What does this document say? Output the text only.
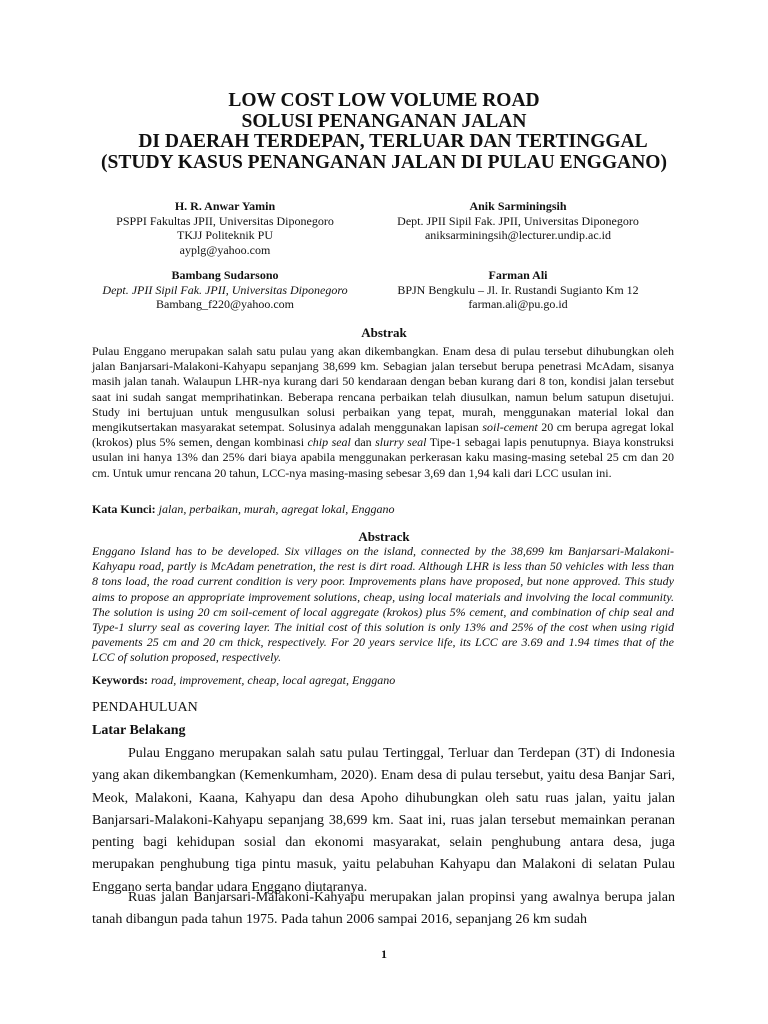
LOW COST LOW VOLUME ROAD
SOLUSI PENANGANAN JALAN
DI DAERAH TERDEPAN, TERLUAR DAN TERTINGGAL
(STUDY KASUS PENANGANAN JALAN DI PULAU ENGGANO)
H. R. Anwar Yamin
PSPPI Fakultas JPII, Universitas Diponegoro
TKJJ Politeknik PU
ayplg@yahoo.com
Anik Sarminingsih
Dept. JPII Sipil Fak. JPII, Universitas Diponegoro
aniksarminingsih@lecturer.undip.ac.id
Bambang Sudarsono
Dept. JPII Sipil Fak. JPII, Universitas Diponegoro
Bambang_f220@yahoo.com
Farman Ali
BPJN Bengkulu – Jl. Ir. Rustandi Sugianto Km 12
farman.ali@pu.go.id
Abstrak
Pulau Enggano merupakan salah satu pulau yang akan dikembangkan. Enam desa di pulau tersebut dihubungkan oleh jalan Banjarsari-Malakoni-Kahyapu sepanjang 38,699 km. Sebagian jalan tersebut berupa penetrasi McAdam, sisanya masih jalan tanah. Walaupun LHR-nya kurang dari 50 kendaraan dengan beban kurang dari 8 ton, kondisi jalan tersebut saat ini sudah sangat memprihatinkan. Beberapa rencana perbaikan telah diusulkan, namun belum satupun disetujui. Study ini bertujuan untuk mengusulkan solusi perbaikan yang tepat, murah, menggunakan material lokal dan mengikutsertakan masyarakat setempat. Solusinya adalah menggunakan lapisan soil-cement 20 cm berupa agregat lokal (krokos) plus 5% semen, dengan kombinasi chip seal dan slurry seal Tipe-1 sebagai lapis penutupnya. Biaya konstruksi usulan ini hanya 13% dan 25% dari biaya apabila menggunakan perkerasan kaku masing-masing setebal 25 cm dan 20 cm. Untuk umur rencana 20 tahun, LCC-nya masing-masing sebesar 3,69 dan 1,94 kali dari LCC usulan ini.
Kata Kunci: jalan, perbaikan, murah, agregat lokal, Enggano
Abstrack
Enggano Island has to be developed. Six villages on the island, connected by the 38,699 km Banjarsari-Malakoni-Kahyapu road, partly is McAdam penetration, the rest is dirt road. Although LHR is less than 50 vehicles with less than 8 tons load, the road current condition is very poor. Improvements plans have proposed, but none approved. This study aims to propose an appropriate improvement solutions, cheap, using local materials and involving the local community. The solution is using 20 cm soil-cement of local aggregate (krokos) plus 5% cement, and combination of chip seal and Type-1 slurry seal as covering layer. The initial cost of this solution is only 13% and 25% of the cost when using rigid pavements 25 cm and 20 cm thick, respectively. For 20 years service life, its LCC are 3.69 and 1.94 times that of the LCC of solution proposed, respectively.
Keywords: road, improvement, cheap, local agregat, Enggano
PENDAHULUAN
Latar Belakang
Pulau Enggano merupakan salah satu pulau Tertinggal, Terluar dan Terdepan (3T) di Indonesia yang akan dikembangkan (Kemenkumham, 2020). Enam desa di pulau tersebut, yaitu desa Banjar Sari, Meok, Malakoni, Kaana, Kahyapu dan desa Apoho dihubungkan oleh satu ruas jalan, yaitu jalan Banjarsari-Malakoni-Kahyapu sepanjang 38,699 km. Saat ini, ruas jalan tersebut memainkan peranan penting bagi kehidupan sosial dan ekonomi masyarakat, selain penghubung antara desa, juga merupakan penghubung tiga pintu masuk, yaitu pelabuhan Kahyapu dan Malakoni di selatan Pulau Enggano serta bandar udara Enggano diutaranya.
Ruas jalan Banjarsari-Malakoni-Kahyapu merupakan jalan propinsi yang awalnya berupa jalan tanah dibangun pada tahun 1975. Pada tahun 2006 sampai 2016, sepanjang 26 km sudah
1
